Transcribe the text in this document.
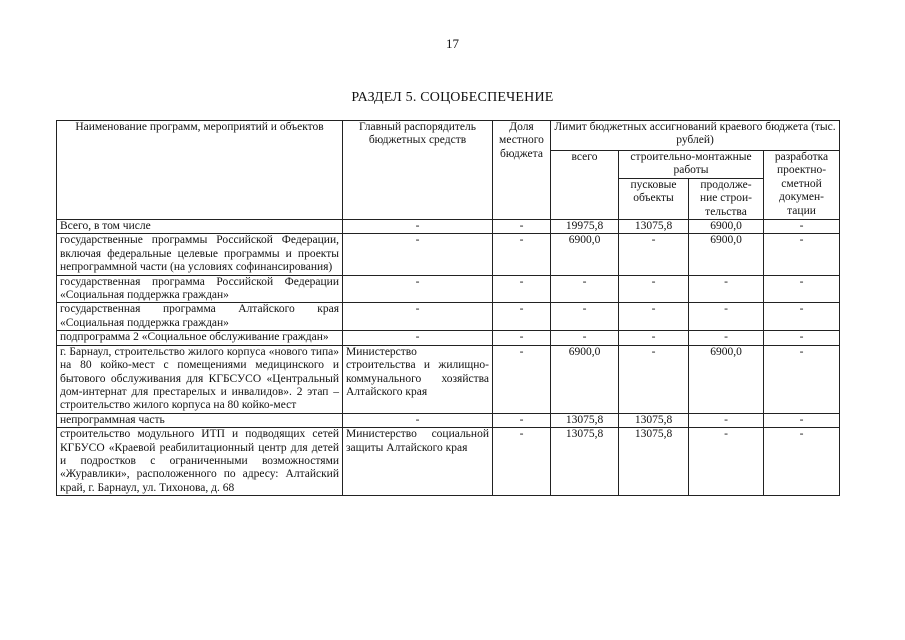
17
РАЗДЕЛ 5. СОЦОБЕСПЕЧЕНИЕ
Наименование программ, мероприятий и объектов	Главный распорядитель бюджетных средств	Доля местного бюджета	Лимит бюджетных ассигнований краевого бюджета (тыс. рублей)			
			всего	строительно-монтажные работы		разработка проектно-сметной докумен-тации
				пусковые объекты	продолже-ние строи-тельства	
Всего, в том числе	-	-	19975,8	13075,8	6900,0	-
государственные программы Российской Федерации, включая федеральные целевые программы и проекты непрограммной части (на условиях софинансирования)	-	-	6900,0	-	6900,0	-
государственная программа Российской Федерации «Социальная поддержка граждан»	-	-	-	-	-	-
государственная программа Алтайского края «Социальная поддержка граждан»	-	-	-	-	-	-
подпрограмма 2 «Социальное обслуживание граждан»	-	-	-	-	-	-
г. Барнаул, строительство жилого корпуса «нового типа» на 80 койко-мест с помещениями медицинского и бытового обслуживания для КГБСУСО «Центральный дом-интернат для престарелых и инвалидов». 2 этап – строительство жилого корпуса на 80 койко-мест	Министерство строительства и жилищно-коммунального хозяйства Алтайского края	-	6900,0	-	6900,0	-
непрограммная часть	-	-	13075,8	13075,8	-	-
строительство модульного ИТП и подводящих сетей КГБУСО «Краевой реабилитационный центр для детей и подростков с ограниченными возможностями «Журавлики», расположенного по адресу: Алтайский край, г. Барнаул, ул. Тихонова, д. 68	Министерство социальной защиты Алтайского края	-	13075,8	13075,8	-	-
